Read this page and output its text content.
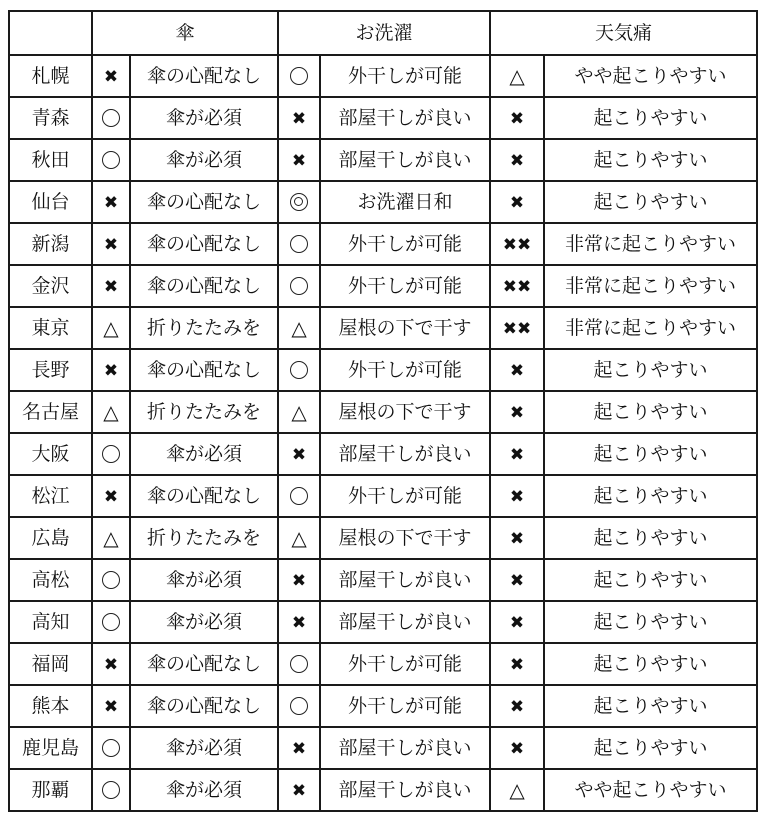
	傘		お洗濯		天気痛	
札幌	✖	傘の心配なし		外干しが可能	△	やや起こりやすい
青森		傘が必須	✖	部屋干しが良い	✖	起こりやすい
秋田		傘が必須	✖	部屋干しが良い	✖	起こりやすい
仙台	✖	傘の心配なし		お洗濯日和	✖	起こりやすい
新潟	✖	傘の心配なし		外干しが可能	✖✖	非常に起こりやすい
金沢	✖	傘の心配なし		外干しが可能	✖✖	非常に起こりやすい
東京	△	折りたたみを	△	屋根の下で干す	✖✖	非常に起こりやすい
長野	✖	傘の心配なし		外干しが可能	✖	起こりやすい
名古屋	△	折りたたみを	△	屋根の下で干す	✖	起こりやすい
大阪		傘が必須	✖	部屋干しが良い	✖	起こりやすい
松江	✖	傘の心配なし		外干しが可能	✖	起こりやすい
広島	△	折りたたみを	△	屋根の下で干す	✖	起こりやすい
高松		傘が必須	✖	部屋干しが良い	✖	起こりやすい
高知		傘が必須	✖	部屋干しが良い	✖	起こりやすい
福岡	✖	傘の心配なし		外干しが可能	✖	起こりやすい
熊本	✖	傘の心配なし		外干しが可能	✖	起こりやすい
鹿児島		傘が必須	✖	部屋干しが良い	✖	起こりやすい
那覇		傘が必須	✖	部屋干しが良い	△	やや起こりやすい
